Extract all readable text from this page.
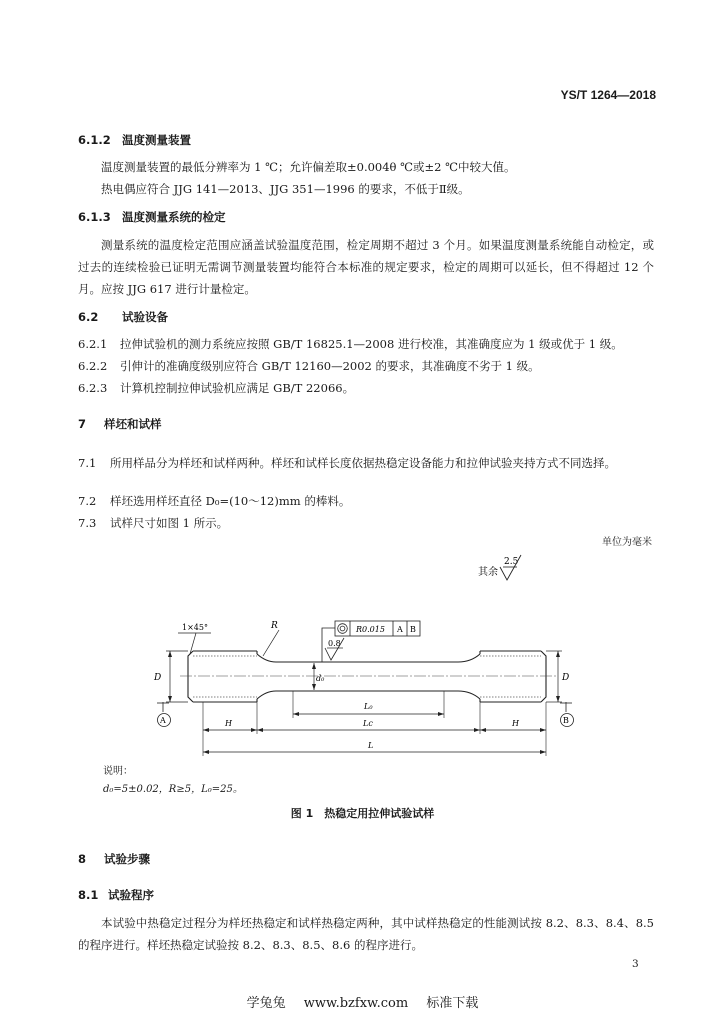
YS/T 1264—2018
6.1.2 温度测量装置
温度测量装置的最低分辨率为 1 ℃；允许偏差取±0.004θ ℃或±2 ℃中较大值。
热电偶应符合 JJG 141—2013、JJG 351—1996 的要求，不低于Ⅱ级。
6.1.3 温度测量系统的检定
测量系统的温度检定范围应涵盖试验温度范围，检定周期不超过 3 个月。如果温度测量系统能自动检定，或过去的连续检验已证明无需调节测量装置均能符合本标准的规定要求，检定的周期可以延长，但不得超过 12 个月。应按 JJG 617 进行计量检定。
6.2 试验设备
6.2.1 拉伸试验机的测力系统应按照 GB/T 16825.1—2008 进行校准，其准确度应为 1 级或优于 1 级。
6.2.2 引伸计的准确度级别应符合 GB/T 12160—2002 的要求，其准确度不劣于 1 级。
6.2.3 计算机控制拉伸试验机应满足 GB/T 22066。
7 样坯和试样
7.1 所用样品分为样坯和试样两种。样坯和试样长度依据热稳定设备能力和拉伸试验夹持方式不同选择。
7.2 样坯选用样坯直径 D₀=(10～12)mm 的棒料。
7.3 试样尺寸如图 1 所示。
单位为毫米
其余
2.5
1×45°	R	R0.015 A B
0.8
d₀
D	D
L₀
H	Lc	H
L
A	B
说明：
d₀=5±0.02，R≥5，L₀=25。
图 1　热稳定用拉伸试验试样
8 试验步骤
8.1 试验程序
本试验中热稳定过程分为样坯热稳定和试样热稳定两种，其中试样热稳定的性能测试按 8.2、8.3、8.4、8.5 的程序进行。样坯热稳定试验按 8.2、8.3、8.5、8.6 的程序进行。
3
学兔兔 www.bzfxw.com 标准下载
